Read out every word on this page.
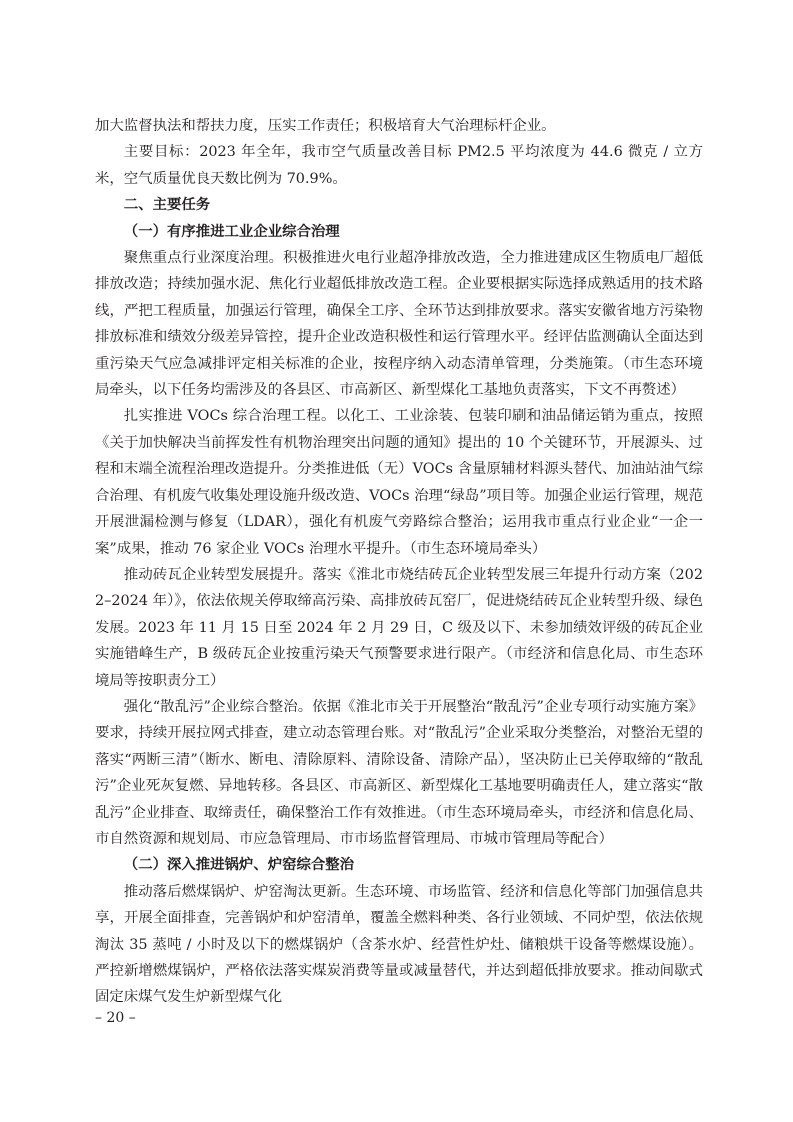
加大监督执法和帮扶力度，压实工作责任；积极培育大气治理标杆企业。

主要目标：2023 年全年，我市空气质量改善目标 PM2.5 平均浓度为 44.6 微克 / 立方米，空气质量优良天数比例为 70.9%。

二、主要任务

（一）有序推进工业企业综合治理

聚焦重点行业深度治理。积极推进火电行业超净排放改造，全力推进建成区生物质电厂超低排放改造；持续加强水泥、焦化行业超低排放改造工程。企业要根据实际选择成熟适用的技术路线，严把工程质量，加强运行管理，确保全工序、全环节达到排放要求。落实安徽省地方污染物排放标准和绩效分级差异管控，提升企业改造积极性和运行管理水平。经评估监测确认全面达到重污染天气应急减排评定相关标准的企业，按程序纳入动态清单管理，分类施策。（市生态环境局牵头，以下任务均需涉及的各县区、市高新区、新型煤化工基地负责落实，下文不再赘述）

扎实推进 VOCs 综合治理工程。以化工、工业涂装、包装印刷和油品储运销为重点，按照《关于加快解决当前挥发性有机物治理突出问题的通知》提出的 10 个关键环节，开展源头、过程和末端全流程治理改造提升。分类推进低（无）VOCs 含量原辅材料源头替代、加油站油气综合治理、有机废气收集处理设施升级改造、VOCs 治理“绿岛”项目等。加强企业运行管理，规范开展泄漏检测与修复（LDAR），强化有机废气旁路综合整治；运用我市重点行业企业“一企一案”成果，推动 76 家企业 VOCs 治理水平提升。（市生态环境局牵头）

推动砖瓦企业转型发展提升。落实《淮北市烧结砖瓦企业转型发展三年提升行动方案（2022–2024 年）》，依法依规关停取缔高污染、高排放砖瓦窑厂，促进烧结砖瓦企业转型升级、绿色发展。2023 年 11 月 15 日至 2024 年 2 月 29 日，C 级及以下、未参加绩效评级的砖瓦企业实施错峰生产，B 级砖瓦企业按重污染天气预警要求进行限产。（市经济和信息化局、市生态环境局等按职责分工）

强化“散乱污”企业综合整治。依据《淮北市关于开展整治“散乱污”企业专项行动实施方案》要求，持续开展拉网式排查，建立动态管理台账。对“散乱污”企业采取分类整治，对整治无望的落实“两断三清”（断水、断电、清除原料、清除设备、清除产品），坚决防止已关停取缔的“散乱污”企业死灰复燃、异地转移。各县区、市高新区、新型煤化工基地要明确责任人，建立落实“散乱污”企业排查、取缔责任，确保整治工作有效推进。（市生态环境局牵头，市经济和信息化局、市自然资源和规划局、市应急管理局、市市场监督管理局、市城市管理局等配合）

（二）深入推进锅炉、炉窑综合整治

推动落后燃煤锅炉、炉窑淘汰更新。生态环境、市场监管、经济和信息化等部门加强信息共享，开展全面排查，完善锅炉和炉窑清单，覆盖全燃料种类、各行业领域、不同炉型，依法依规淘汰 35 蒸吨 / 小时及以下的燃煤锅炉（含茶水炉、经营性炉灶、储粮烘干设备等燃煤设施）。严控新增燃煤锅炉，严格依法落实煤炭消费等量或减量替代，并达到超低排放要求。推动间歇式固定床煤气发生炉新型煤气化

– 20 –
